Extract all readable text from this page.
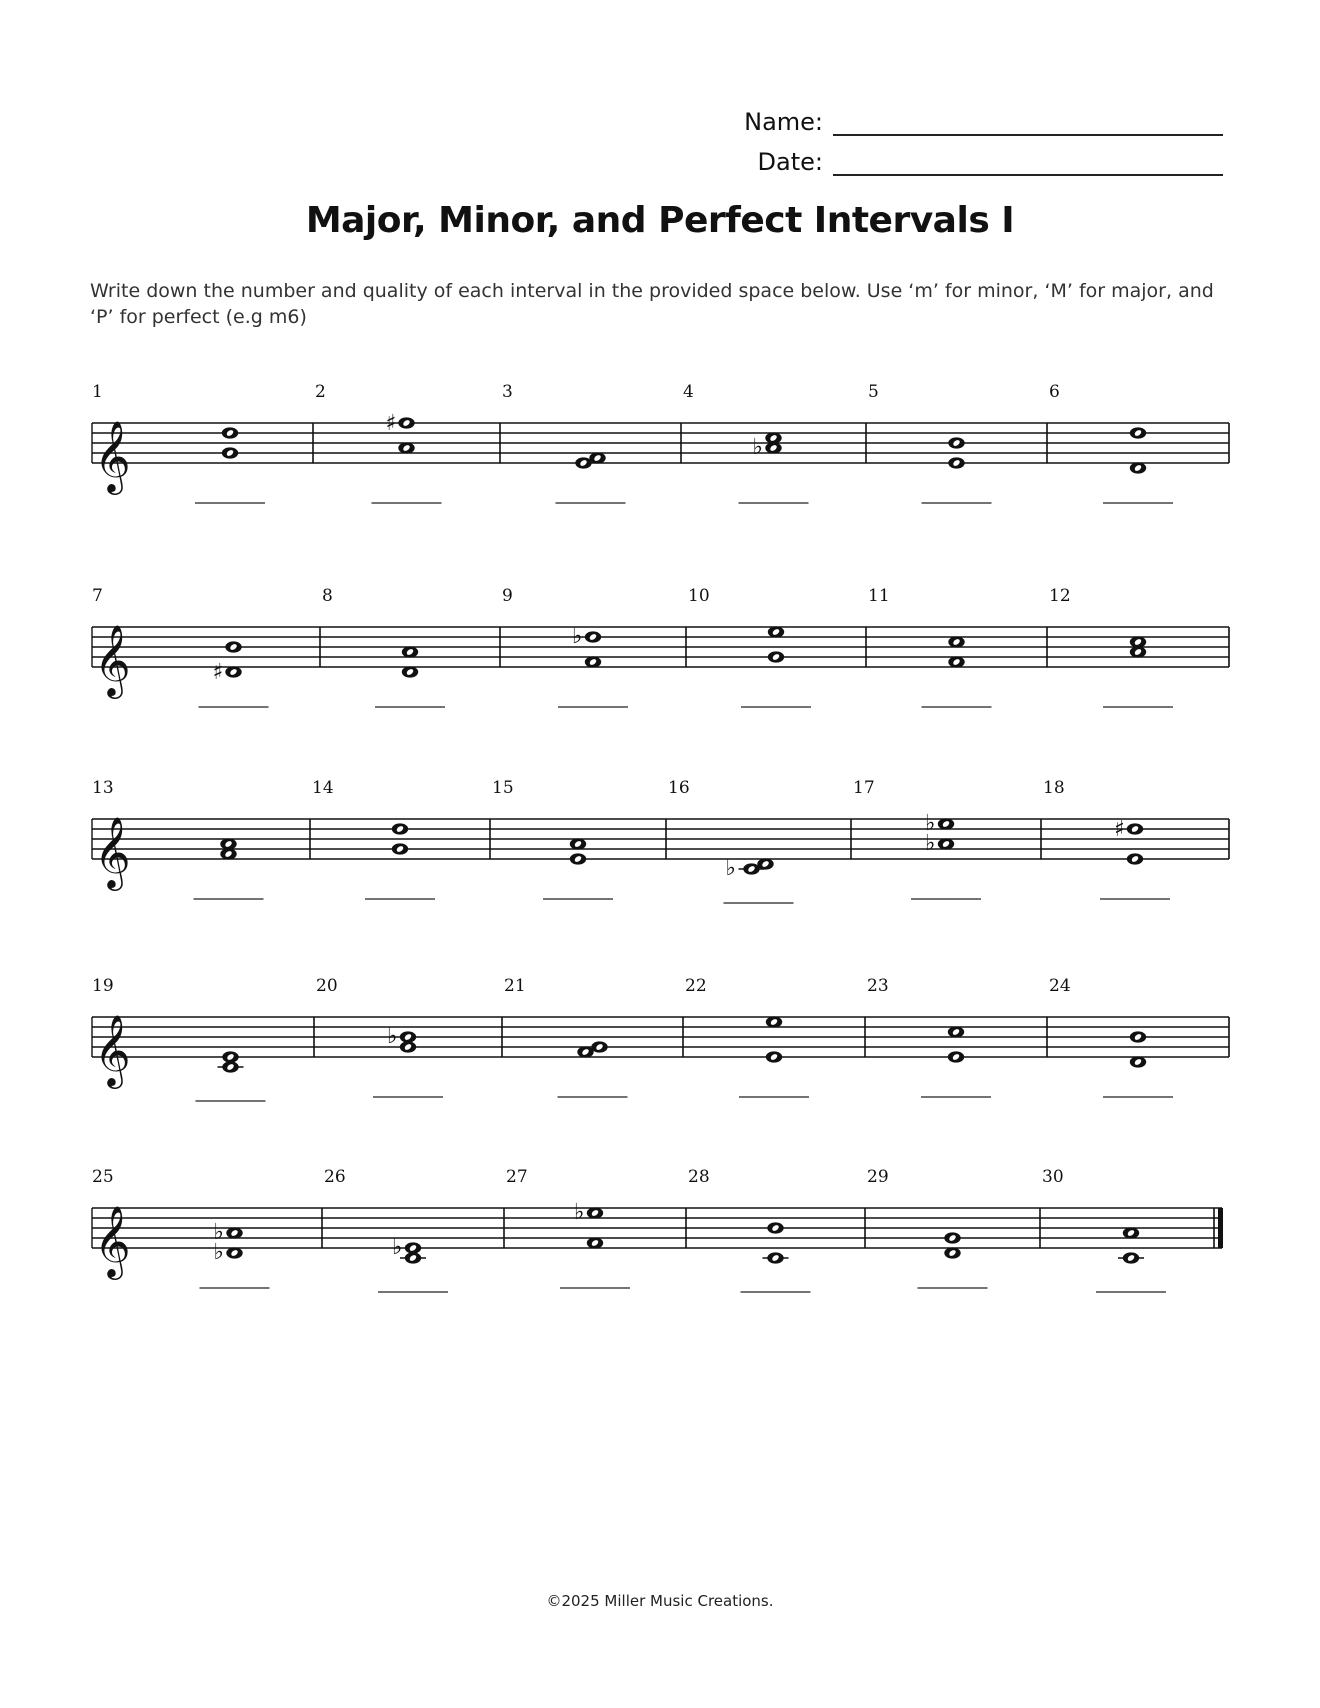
Name:
Date:
Major, Minor, and Perfect Intervals I
Write down the number and quality of each interval in the provided space below. Use ‘m’ for minor, ‘M’ for major, and ‘P’ for perfect (e.g m6)
𝄞
1	2
♯
3	4
♭
5	6
𝄞
7
♯
8	9
♭
10	11	12
𝄞
13	14	15	16
♭
17
♭
♭
18
♯
𝄞
19	20
♭
21	22	23	24
𝄞
25
♭
♭
26
♭
27
♭
28	29	30
©2025 Miller Music Creations.
